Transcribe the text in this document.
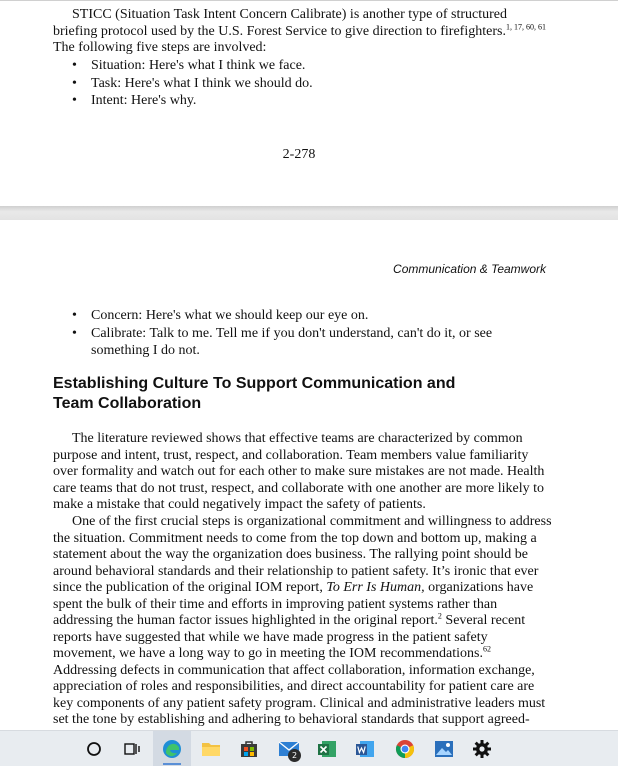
STICC (Situation Task Intent Concern Calibrate) is another type of structured briefing protocol used by the U.S. Forest Service to give direction to firefighters.$^{1, 17, 60, 61}$ The following five steps are involved:

• Situation: Here's what I think we face.
• Task: Here's what I think we should do.
• Intent: Here's why.
2-278
Communication & Teamwork
• Concern: Here's what we should keep our eye on.
• Calibrate: Talk to me. Tell me if you don't understand, can't do it, or see something I do not.
Establishing Culture To Support Communication and Team Collaboration

The literature reviewed shows that effective teams are characterized by common purpose and intent, trust, respect, and collaboration. Team members value familiarity over formality and watch out for each other to make sure mistakes are not made. Health care teams that do not trust, respect, and collaborate with one another are more likely to make a mistake that could negatively impact the safety of patients.

One of the first crucial steps is organizational commitment and willingness to address the situation. Commitment needs to come from the top down and bottom up, making a statement about the way the organization does business. The rallying point should be around behavioral standards and their relationship to patient safety. It’s ironic that ever since the publication of the original IOM report, To Err Is Human, organizations have spent the bulk of their time and efforts in improving patient systems rather than addressing the human factor issues highlighted in the original report.$^2$ Several recent reports have suggested that while we have made progress in the patient safety movement, we have a long way to go in meeting the IOM recommendations.$^{62}$ Addressing defects in communication that affect collaboration, information exchange, appreciation of roles and responsibilities, and direct accountability for patient care are key components of any patient safety program. Clinical and administrative leaders must set the tone by establishing and adhering to behavioral standards that support agreed-

2
